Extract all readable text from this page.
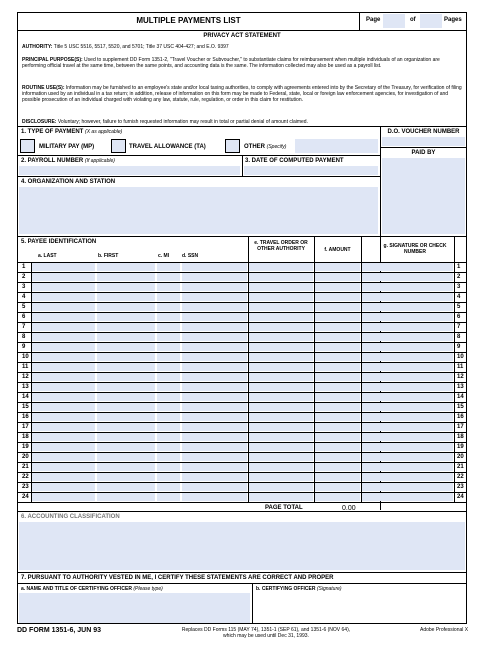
MULTIPLE PAYMENTS LIST	Page	of	Pages
PRIVACY ACT STATEMENT
AUTHORITY: Title 5 USC 5516, 5517, 5520, and 5701; Title 37 USC 404-427; and E.O. 9397
PRINCIPAL PURPOSE(S): Used to supplement DD Form 1351-2, "Travel Voucher or Subvoucher," to substantiate claims for reimbursement when multiple individuals of an organization are performing official travel at the same time, between the same points, and accounting data is the same. The information collected may also be used as a payroll list.
ROUTINE USE(S): Information may be furnished to an employee's state and/or local taxing authorities, to comply with agreements entered into by the Secretary of the Treasury, for verification of filing information used by an individual in a tax return; in addition, release of information on this form may be made to Federal, state, local or foreign law enforcement agencies, for investigation of and possible prosecution of an individual charged with violating any law, statute, rule, regulation, or order in this claim for restitution.
DISCLOSURE: Voluntary; however, failure to furnish requested information may result in total or partial denial of amount claimed.
1. TYPE OF PAYMENT (X as applicable)	D.O. VOUCHER NUMBER
PAID BY
MILITARY PAY (MP)	TRAVEL ALLOWANCE (TA)	OTHER (Specify)
2. PAYROLL NUMBER (If applicable)	3. DATE OF COMPUTED PAYMENT
4. ORGANIZATION AND STATION
5. PAYEE IDENTIFICATION
a. LAST	b. FIRST	c. MI	d. SSN
e. TRAVEL ORDER OR OTHER AUTHORITY	f. AMOUNT
g. SIGNATURE OR CHECK NUMBER
1	1
2	2
3	3
4	4
5	5
6	6
7	7
8	8
9	9
10	10
11	11
12	12
13	13
14	14
15	15
16	16
17	17
18	18
19	19
20	20
21	21
22	22
23	23
24	24
PAGE TOTAL	0.00
6. ACCOUNTING CLASSIFICATION
7. PURSUANT TO AUTHORITY VESTED IN ME, I CERTIFY THESE STATEMENTS ARE CORRECT AND PROPER
a. NAME AND TITLE OF CERTIFYING OFFICER (Please type)	b. CERTIFYING OFFICER (Signature)
DD FORM 1351-6, JUN 93	Replaces DD Forms 115 (MAY 74), 1351-1 (SEP 61), and 1351-6 (NOV 64), which may be used until Dec 31, 1993.
Adobe Professional X
